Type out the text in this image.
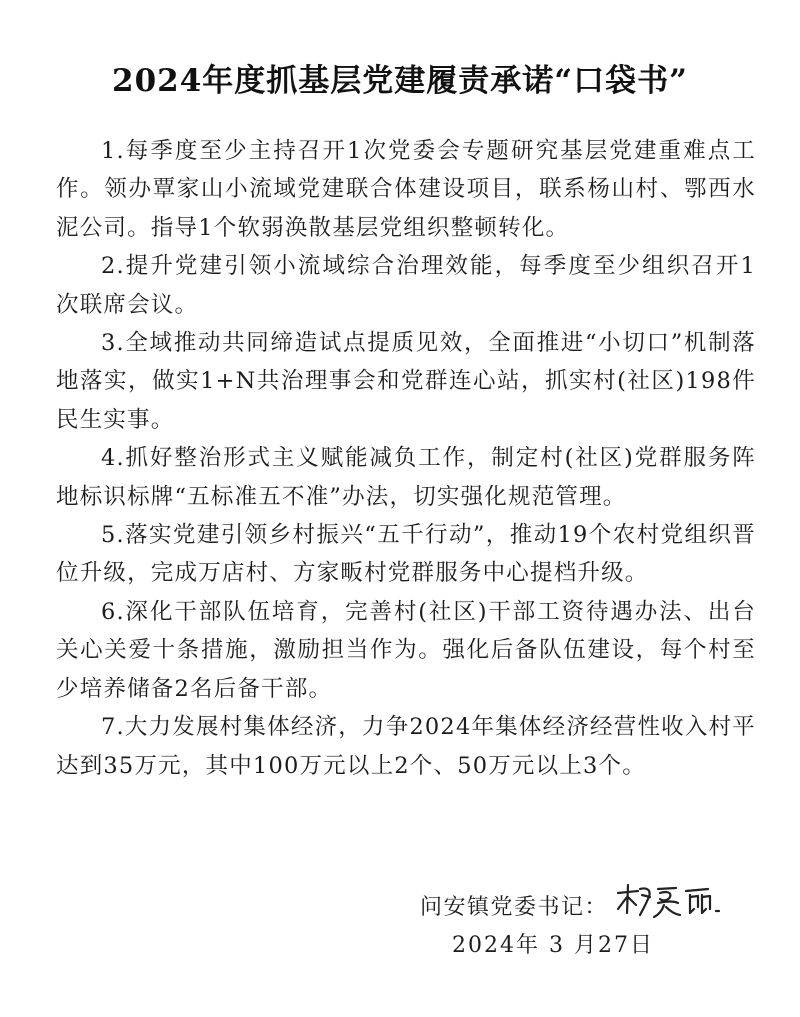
2024年度抓基层党建履责承诺“口袋书”

1.每季度至少主持召开1次党委会专题研究基层党建重难点工作。领办覃家山小流域党建联合体建设项目，联系杨山村、鄂西水泥公司。指导1个软弱涣散基层党组织整顿转化。

2.提升党建引领小流域综合治理效能，每季度至少组织召开1次联席会议。

3.全域推动共同缔造试点提质见效，全面推进“小切口”机制落地落实，做实1+N共治理事会和党群连心站，抓实村(社区)198件民生实事。

4.抓好整治形式主义赋能减负工作，制定村(社区)党群服务阵地标识标牌“五标准五不准”办法，切实强化规范管理。

5.落实党建引领乡村振兴“五千行动”，推动19个农村党组织晋位升级，完成万店村、方家畈村党群服务中心提档升级。

6.深化干部队伍培育，完善村(社区)干部工资待遇办法、出台关心关爱十条措施，激励担当作为。强化后备队伍建设，每个村至少培养储备2名后备干部。

7.大力发展村集体经济，力争2024年集体经济经营性收入村平达到35万元，其中100万元以上2个、50万元以上3个。

问安镇党委书记：
2024年 3 月27日
